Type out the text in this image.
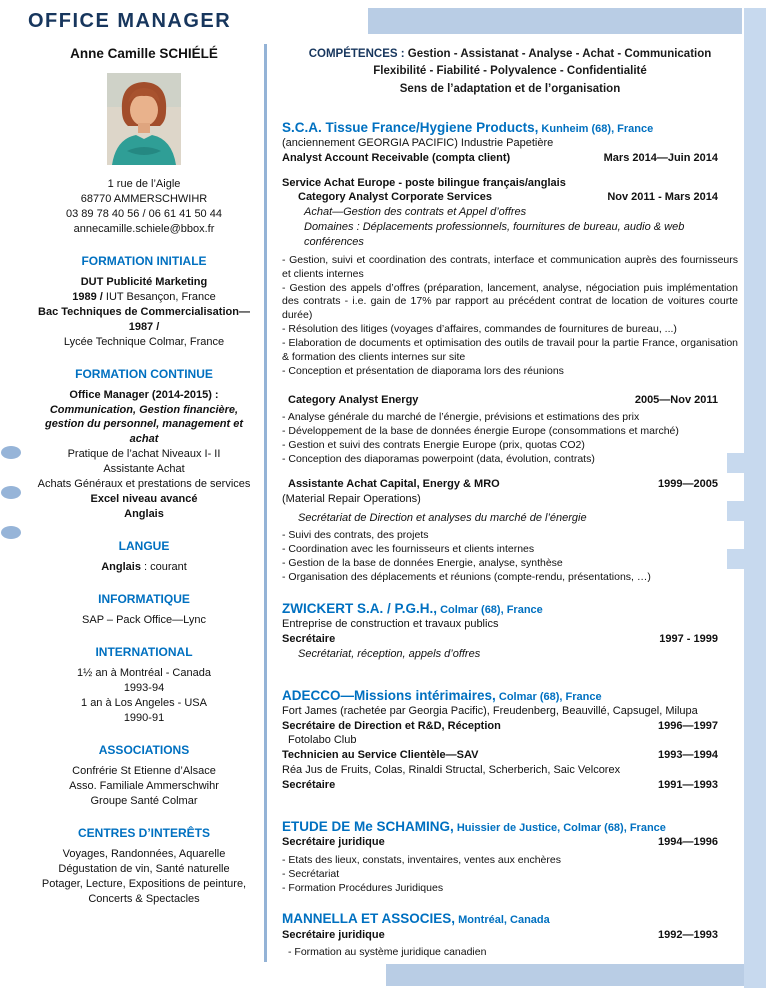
OFFICE MANAGER
Anne Camille SCHIÉLÉ
1 rue de l’Aigle
68770 AMMERSCHWIHR
03 89 78 40 56 / 06 61 41 50 44
annecamille.schiele@bbox.fr
FORMATION INITIALE
DUT Publicité Marketing
1989 / IUT Besançon, France
Bac Techniques de Commercialisation—1987 /
Lycée Technique Colmar, France
FORMATION CONTINUE
Office Manager (2014-2015) :
Communication, Gestion financière, gestion du personnel, management et achat
Pratique de l’achat Niveaux I- II
Assistante Achat
Achats Généraux et prestations de services
Excel niveau avancé
Anglais
LANGUE
Anglais : courant
INFORMATIQUE
SAP – Pack Office—Lync
INTERNATIONAL
1½ an à Montréal - Canada
1993-94
1 an à Los Angeles - USA
1990-91
ASSOCIATIONS
Confrérie St Etienne d’Alsace
Asso. Familiale Ammerschwihr
Groupe Santé Colmar
CENTRES D’INTERÊTS
Voyages, Randonnées, Aquarelle
Dégustation de vin, Santé naturelle
Potager, Lecture, Expositions de peinture, Concerts & Spectacles
COMPÉTENCES : Gestion - Assistanat - Analyse - Achat - Communication
Flexibilité - Fiabilité - Polyvalence - Confidentialité
Sens de l’adaptation et de l’organisation
S.C.A. Tissue France/Hygiene Products, Kunheim (68), France
(anciennement GEORGIA PACIFIC) Industrie Papetière
Analyst Account Receivable (compta client)	Mars 2014—Juin 2014
Service Achat Europe - poste bilingue français/anglais
Category Analyst Corporate Services	Nov 2011 - Mars 2014
Achat—Gestion des contrats et Appel d’offres
Domaines : Déplacements professionnels, fournitures de bureau, audio & web conférences
- Gestion, suivi et coordination des contrats, interface et communication auprès des fournisseurs et clients internes
- Gestion des appels d’offres (préparation, lancement, analyse, négociation puis implémentation des contrats - i.e. gain de 17% par rapport au précédent contrat de location de voitures courte durée)
- Résolution des litiges (voyages d’affaires, commandes de fournitures de bureau, ...)
- Elaboration de documents et optimisation des outils de travail pour la partie France, organisation & formation des clients internes sur site
- Conception et présentation de diaporama lors des réunions
Category Analyst Energy	2005—Nov 2011
- Analyse générale du marché de l’énergie, prévisions et estimations des prix
- Développement de la base de données énergie Europe (consommations et marché)
- Gestion et suivi des contrats Energie Europe (prix, quotas CO2)
- Conception des diaporamas powerpoint (data, évolution, contrats)
Assistante Achat Capital, Energy & MRO	1999—2005
(Material Repair Operations)
Secrétariat de Direction et analyses du marché de l’énergie
- Suivi des contrats, des projets
- Coordination avec les fournisseurs et clients internes
- Gestion de la base de données Energie, analyse, synthèse
- Organisation des déplacements et réunions (compte-rendu, présentations, …)
ZWICKERT S.A. / P.G.H., Colmar (68), France
Entreprise de construction et travaux publics
Secrétaire	1997 - 1999
Secrétariat, réception, appels d’offres
ADECCO—Missions intérimaires, Colmar (68), France
Fort James (rachetée par Georgia Pacific), Freudenberg, Beauvillé, Capsugel, Milupa
Secrétaire de Direction et R&D, Réception	1996—1997
Fotolabo Club
Technicien au Service Clientèle—SAV	1993—1994
Réa Jus de Fruits, Colas, Rinaldi Structal, Scherberich, Saic Velcorex
Secrétaire	1991—1993
ETUDE DE Me SCHAMING, Huissier de Justice, Colmar (68), France
Secrétaire juridique	1994—1996
- Etats des lieux, constats, inventaires, ventes aux enchères
- Secrétariat
- Formation Procédures Juridiques
MANNELLA ET ASSOCIES, Montréal, Canada
Secrétaire juridique	1992—1993
- Formation au système juridique canadien
